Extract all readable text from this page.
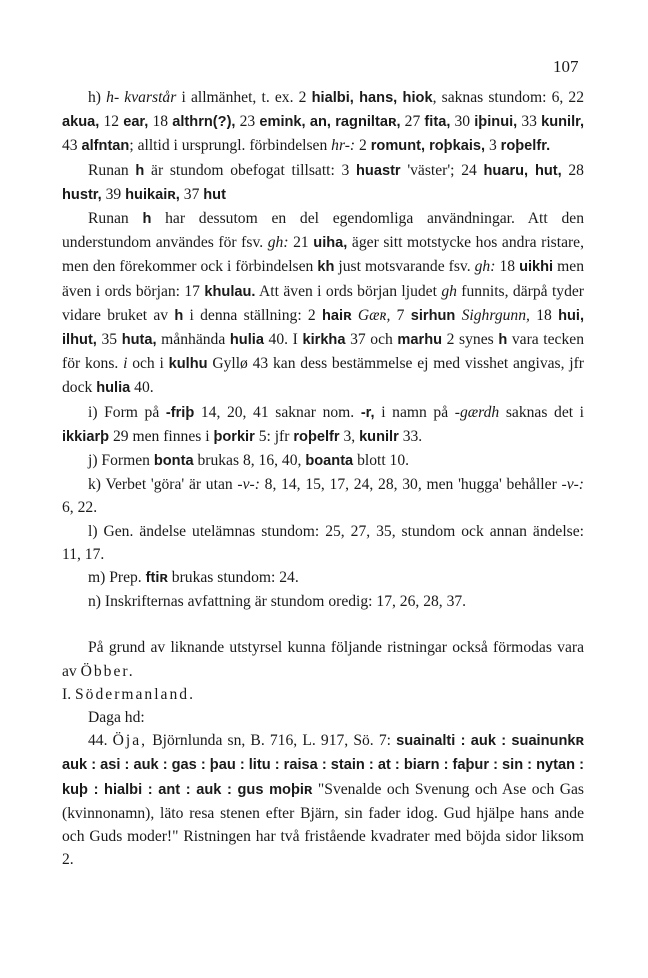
107

h) h- kvarstår i allmänhet, t. ex. 2 hialbi, hans, hiok, saknas stundom: 6, 22 akua, 12 ear, 18 althrn(?), 23 emink, an, ragniltaʀ, 27 fita, 30 iþinui, 33 kunilr, 43 alfntan; alltid i ursprungl. förbindelsen hr-: 2 romunt, roþkais, 3 roþelfr.

Runan h är stundom obefogat tillsatt: 3 huastr 'väster'; 24 huaru, hut, 28 hustr, 39 huikaiʀ, 37 hut

Runan h har dessutom en del egendomliga användningar. Att den understundom användes för fsv. gh: 21 uiha, äger sitt motstycke hos andra ristare, men den förekommer ock i förbindelsen kh just motsvarande fsv. gh: 18 uikhi men även i ords början: 17 khulau. Att även i ords början ljudet gh funnits, därpå tyder vidare bruket av h i denna ställning: 2 haiʀ Gæʀ, 7 sirhun Sighrgunn, 18 hui, ilhut, 35 huta, månhända hulia 40. I kirkha 37 och marhu 2 synes h vara tecken för kons. i och i kulhu Gyllø 43 kan dess bestämmelse ej med visshet angivas, jfr dock hulia 40.

i) Form på -friþ 14, 20, 41 saknar nom. -r, i namn på -gærdh saknas det i ikkiarþ 29 men finnes i þorkir 5: jfr roþelfr 3, kunilr 33.

j) Formen bonta brukas 8, 16, 40, boanta blott 10.

k) Verbet 'göra' är utan -v-: 8, 14, 15, 17, 24, 28, 30, men 'hugga' behåller -v-: 6, 22.

l) Gen. ändelse utelämnas stundom: 25, 27, 35, stundom ock annan ändelse: 11, 17.

m) Prep. ftiʀ brukas stundom: 24.

n) Inskrifternas avfattning är stundom oredig: 17, 26, 28, 37.

På grund av liknande utstyrsel kunna följande ristningar också förmodas vara av Öbber.

I. Södermanland.

Daga hd:

44. Öja, Björnlunda sn, B. 716, L. 917, Sö. 7: suainalti : auk : suainunkʀ auk : asi : auk : gas : þau : litu : raisa : stain : at : biarn : faþur : sin : nytan : kuþ : hialbi : ant : auk : gus moþiʀ "Svenalde och Svenung och Ase och Gas (kvinnonamn), läto resa stenen efter Bjärn, sin fader idog. Gud hjälpe hans ande och Guds moder!" Ristningen har två fristående kvadrater med böjda sidor liksom 2.
